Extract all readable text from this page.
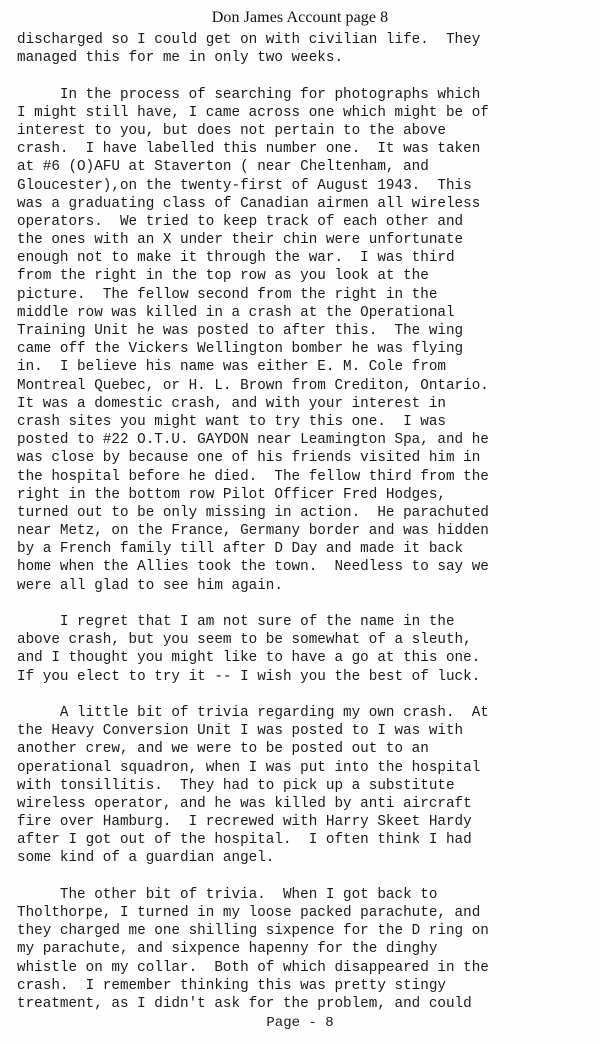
Don James Account page 8
discharged so I could get on with civilian life.  They
managed this for me in only two weeks.
In the process of searching for photographs which
I might still have, I came across one which might be of
interest to you, but does not pertain to the above
crash.  I have labelled this number one.  It was taken
at #6 (O)AFU at Staverton ( near Cheltenham, and
Gloucester),on the twenty-first of August 1943.  This
was a graduating class of Canadian airmen all wireless
operators.  We tried to keep track of each other and
the ones with an X under their chin were unfortunate
enough not to make it through the war.  I was third
from the right in the top row as you look at the
picture.  The fellow second from the right in the
middle row was killed in a crash at the Operational
Training Unit he was posted to after this.  The wing
came off the Vickers Wellington bomber he was flying
in.  I believe his name was either E. M. Cole from
Montreal Quebec, or H. L. Brown from Crediton, Ontario.
It was a domestic crash, and with your interest in
crash sites you might want to try this one.  I was
posted to #22 O.T.U. GAYDON near Leamington Spa, and he
was close by because one of his friends visited him in
the hospital before he died.  The fellow third from the
right in the bottom row Pilot Officer Fred Hodges,
turned out to be only missing in action.  He parachuted
near Metz, on the France, Germany border and was hidden
by a French family till after D Day and made it back
home when the Allies took the town.  Needless to say we
were all glad to see him again.
I regret that I am not sure of the name in the
above crash, but you seem to be somewhat of a sleuth,
and I thought you might like to have a go at this one.
If you elect to try it -- I wish you the best of luck.
A little bit of trivia regarding my own crash.  At
the Heavy Conversion Unit I was posted to I was with
another crew, and we were to be posted out to an
operational squadron, when I was put into the hospital
with tonsillitis.  They had to pick up a substitute
wireless operator, and he was killed by anti aircraft
fire over Hamburg.  I recrewed with Harry Skeet Hardy
after I got out of the hospital.  I often think I had
some kind of a guardian angel.
The other bit of trivia.  When I got back to
Tholthorpe, I turned in my loose packed parachute, and
they charged me one shilling sixpence for the D ring on
my parachute, and sixpence hapenny for the dinghy
whistle on my collar.  Both of which disappeared in the
crash.  I remember thinking this was pretty stingy
treatment, as I didn't ask for the problem, and could
Page - 8
